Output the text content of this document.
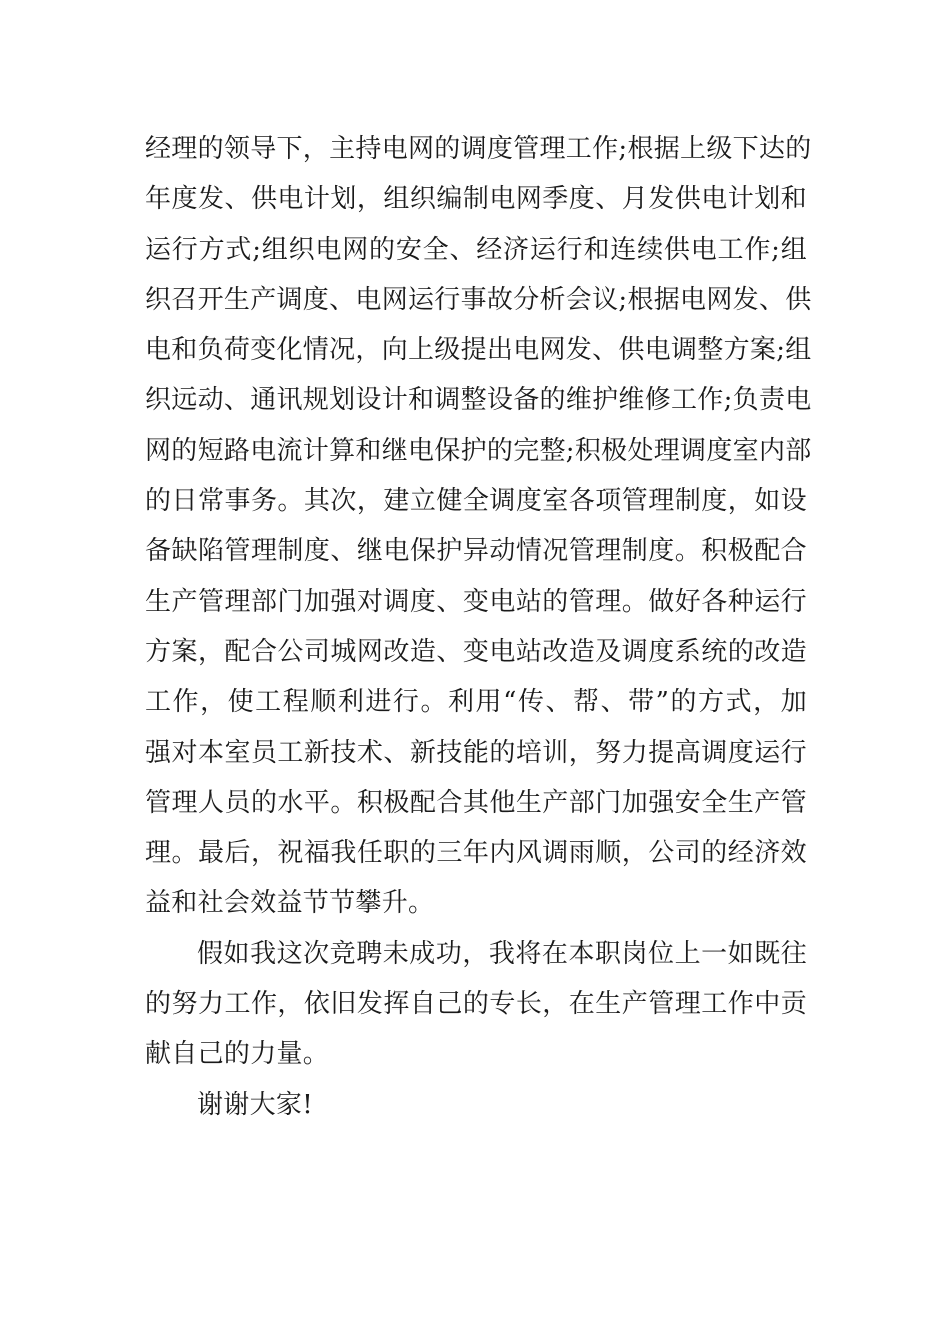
经理的领导下，主持电网的调度管理工作;根据上级下达的
年度发、供电计划，组织编制电网季度、月发供电计划和
运行方式;组织电网的安全、经济运行和连续供电工作;组
织召开生产调度、电网运行事故分析会议;根据电网发、供
电和负荷变化情况，向上级提出电网发、供电调整方案;组
织远动、通讯规划设计和调整设备的维护维修工作;负责电
网的短路电流计算和继电保护的完整;积极处理调度室内部
的日常事务。其次，建立健全调度室各项管理制度，如设
备缺陷管理制度、继电保护异动情况管理制度。积极配合
生产管理部门加强对调度、变电站的管理。做好各种运行
方案，配合公司城网改造、变电站改造及调度系统的改造
工作，使工程顺利进行。利用“传、帮、带”的方式，加
强对本室员工新技术、新技能的培训，努力提高调度运行
管理人员的水平。积极配合其他生产部门加强安全生产管
理。最后，祝福我任职的三年内风调雨顺，公司的经济效
益和社会效益节节攀升。
假如我这次竞聘未成功，我将在本职岗位上一如既往
的努力工作，依旧发挥自己的专长，在生产管理工作中贡
献自己的力量。
谢谢大家!
